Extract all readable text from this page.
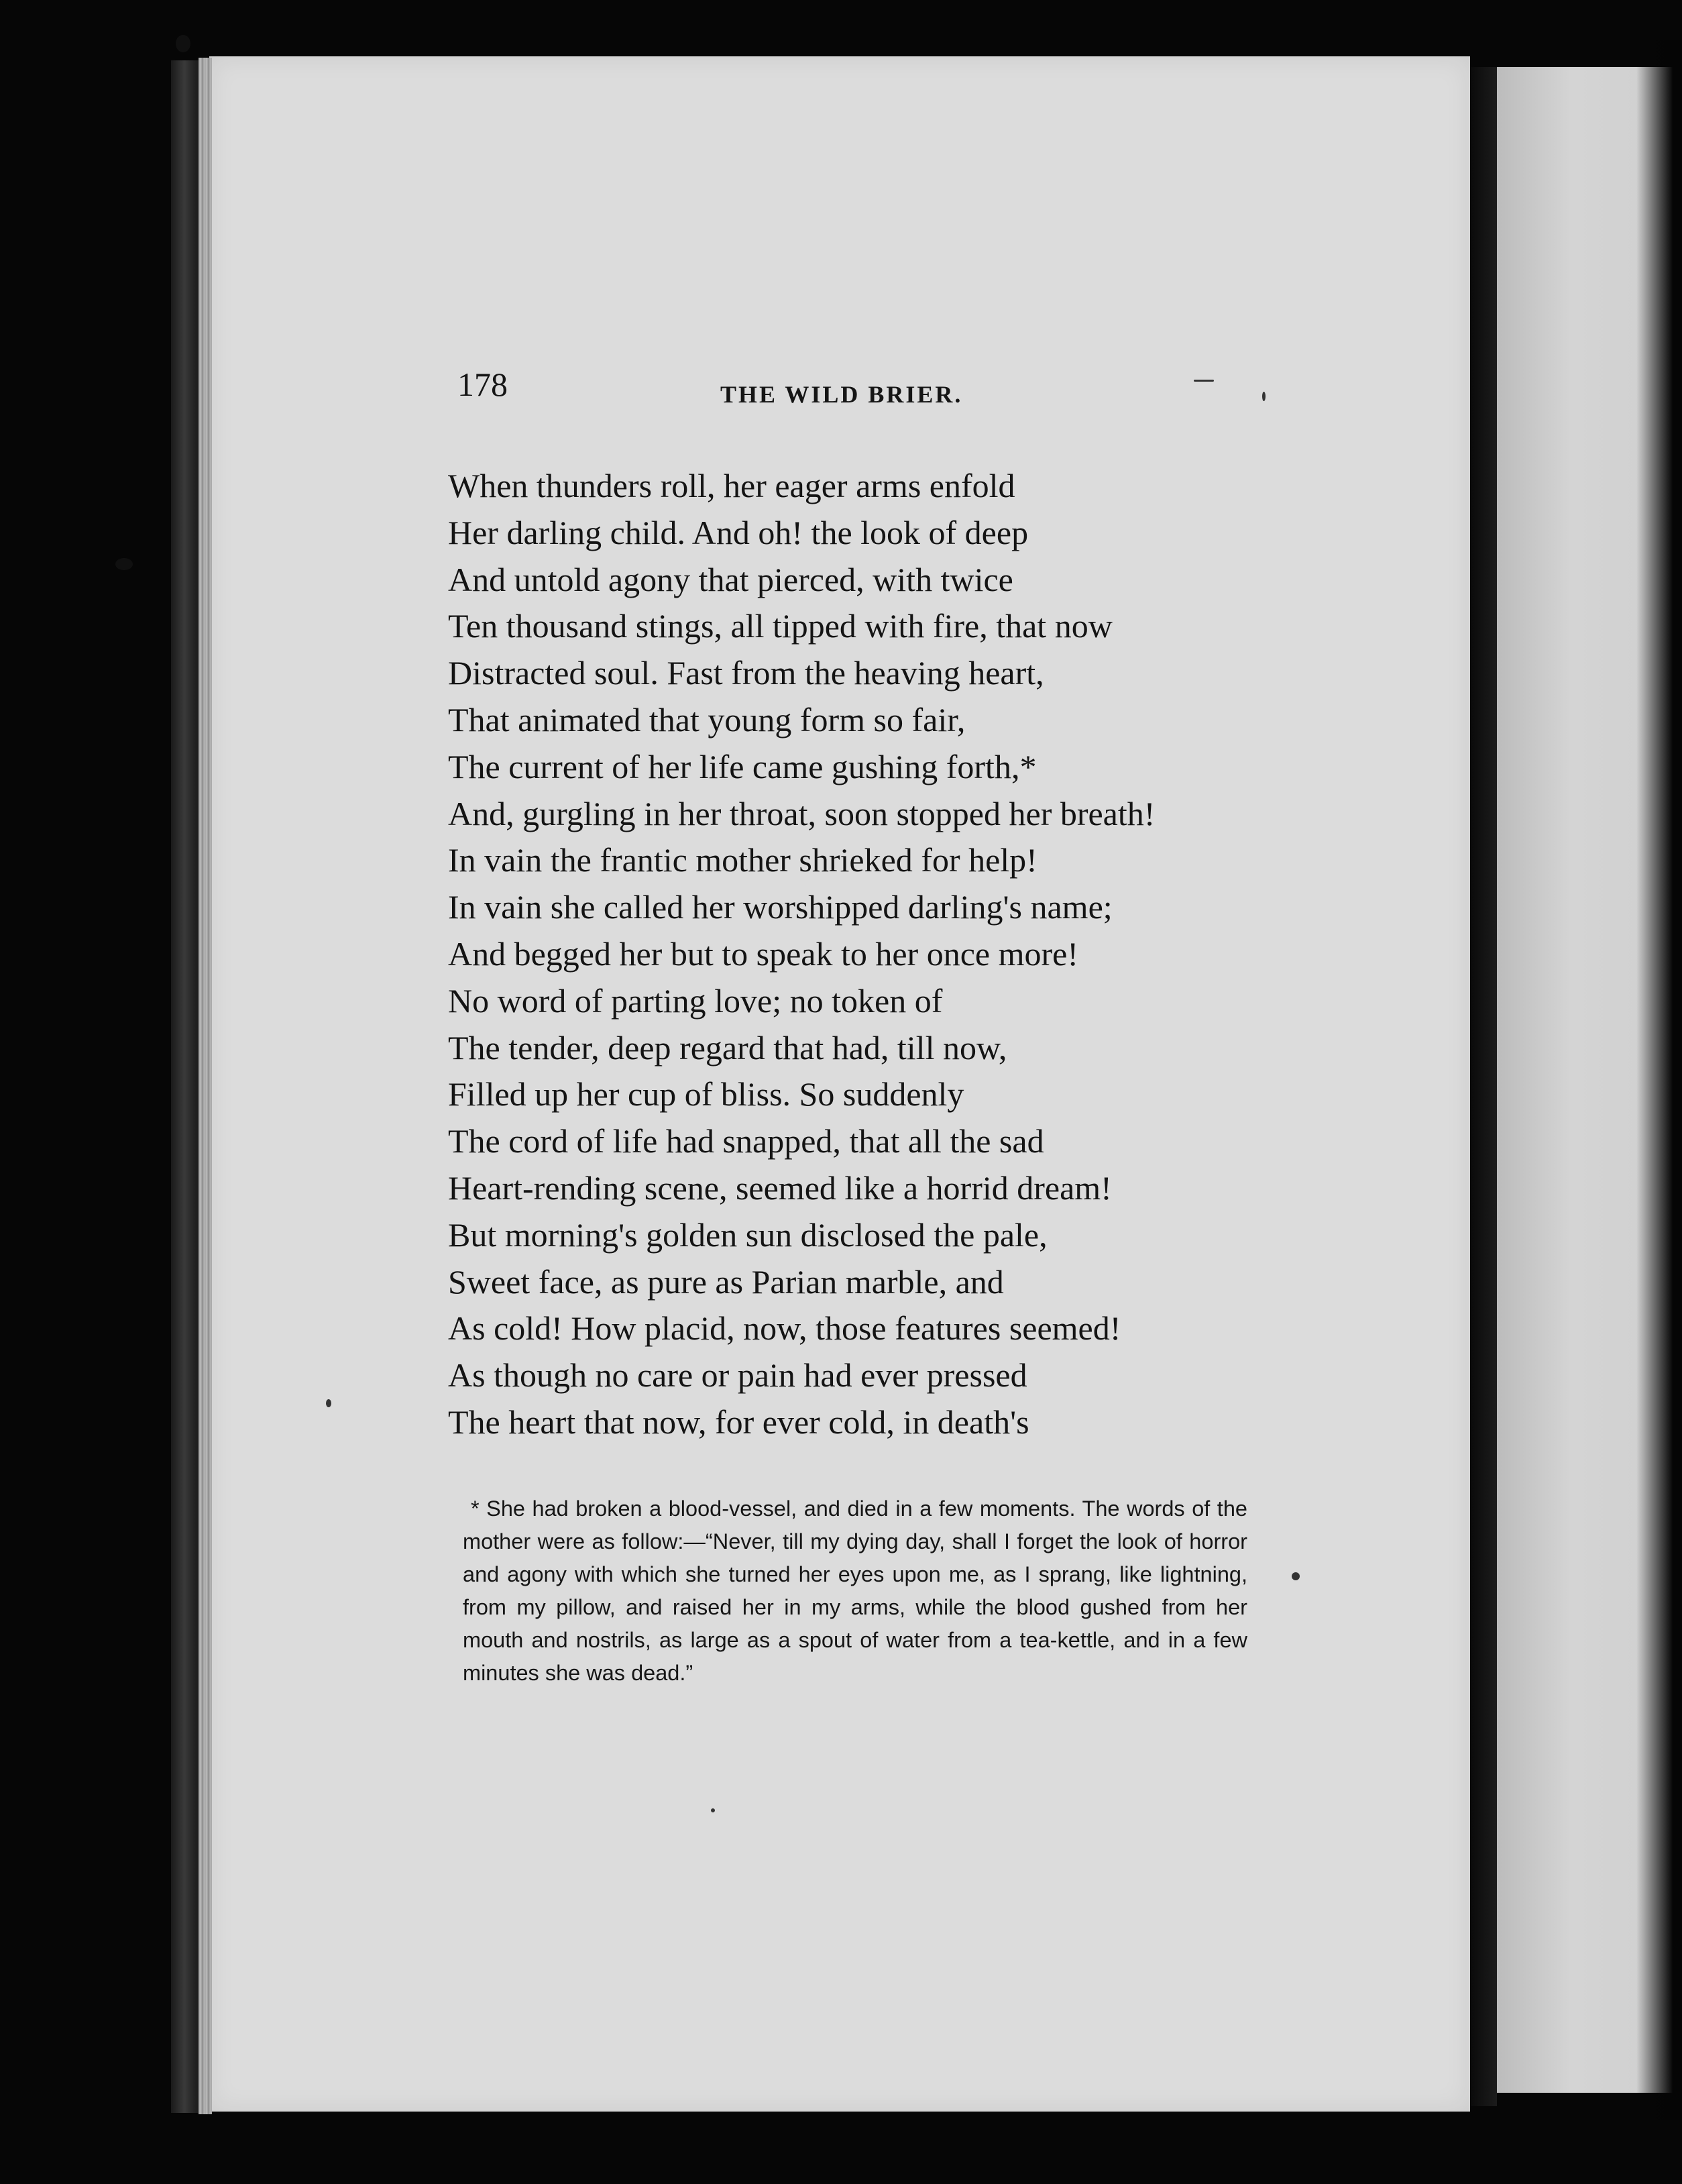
178	THE WILD BRIER.
When thunders roll, her eager arms enfold
Her darling child. And oh! the look of deep
And untold agony that pierced, with twice
Ten thousand stings, all tipped with fire, that now
Distracted soul. Fast from the heaving heart,
That animated that young form so fair,
The current of her life came gushing forth,*
And, gurgling in her throat, soon stopped her breath!
In vain the frantic mother shrieked for help!
In vain she called her worshipped darling's name;
And begged her but to speak to her once more!
No word of parting love; no token of
The tender, deep regard that had, till now,
Filled up her cup of bliss. So suddenly
The cord of life had snapped, that all the sad
Heart-rending scene, seemed like a horrid dream!
But morning's golden sun disclosed the pale,
Sweet face, as pure as Parian marble, and
As cold! How placid, now, those features seemed!
As though no care or pain had ever pressed
The heart that now, for ever cold, in death's

* She had broken a blood-vessel, and died in a few moments. The words of the mother were as follow:—“Never, till my dying day, shall I forget the look of horror and agony with which she turned her eyes upon me, as I sprang, like lightning, from my pillow, and raised her in my arms, while the blood gushed from her mouth and nostrils, as large as a spout of water from a tea-kettle, and in a few minutes she was dead.”
